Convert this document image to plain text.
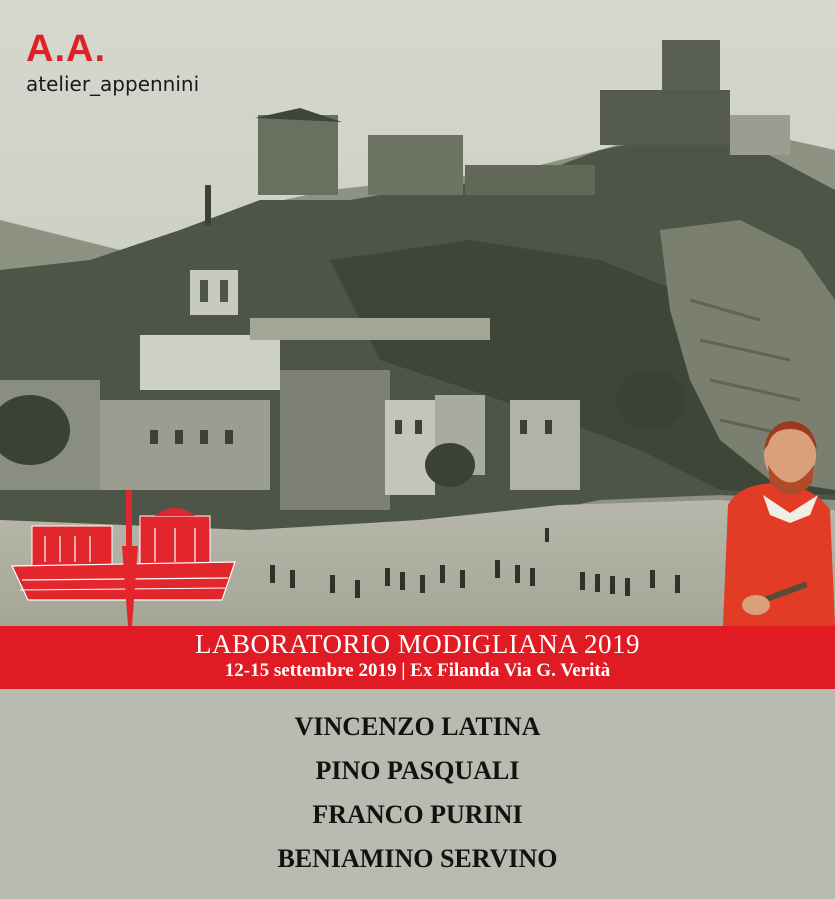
A.A.
atelier_appennini
LABORATORIO MODIGLIANA 2019
12-15 settembre 2019 | Ex Filanda Via G. Verità
VINCENZO LATINA
PINO PASQUALI
FRANCO PURINI
BENIAMINO SERVINO
